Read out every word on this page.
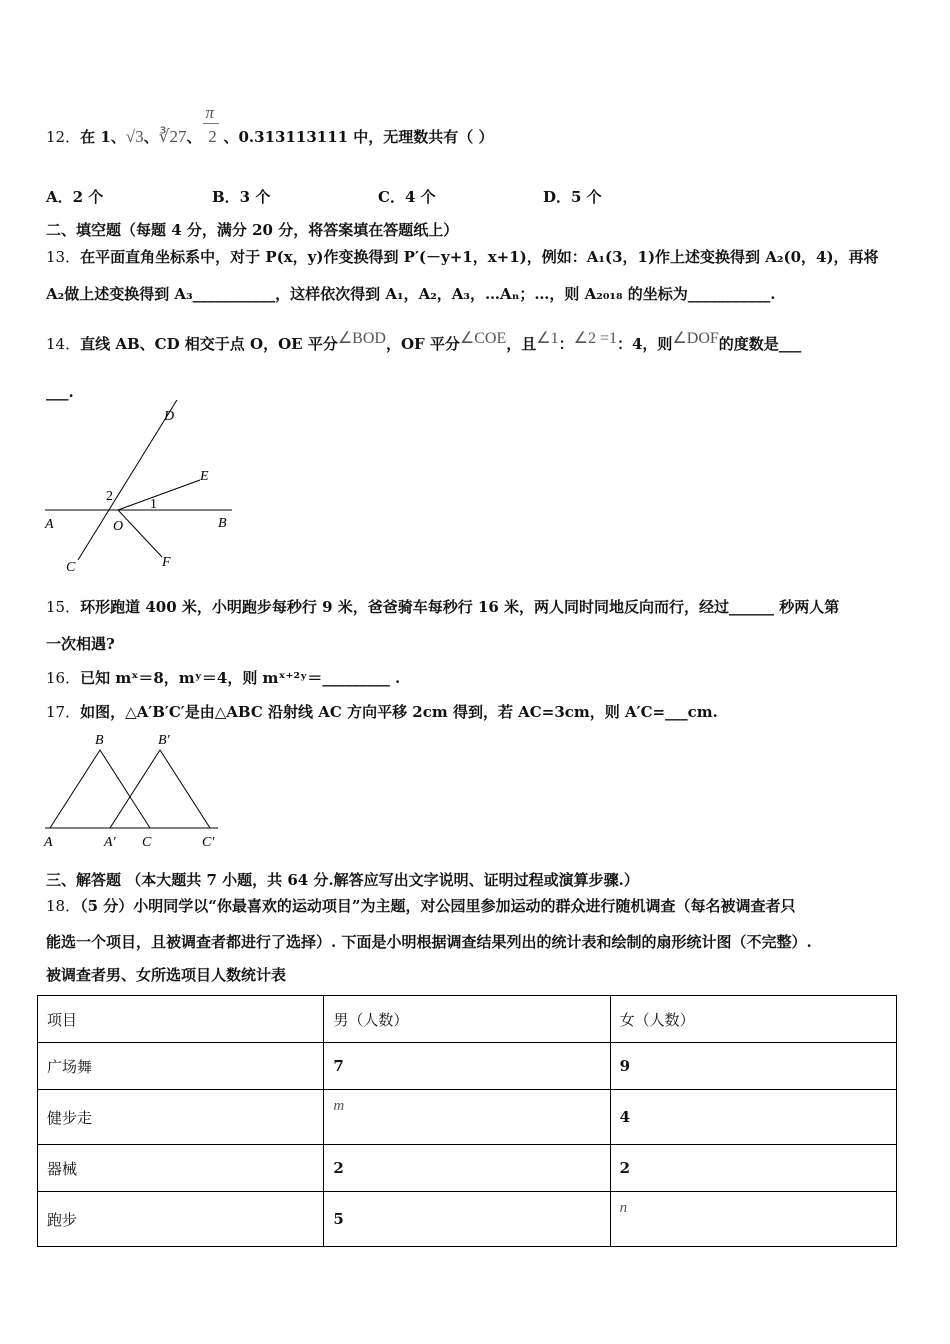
12．在 1、√3、∛27、 $\frac{\pi}{2}$、0.313113111 中，无理数共有（ ）
A．2 个	B．3 个	C．4 个	D．5 个
二、填空题（每题 4 分，满分 20 分，将答案填在答题纸上）
13．在平面直角坐标系中，对于 P(x，y)作变换得到 P′(－y+1，x+1)，例如：A₁(3，1)作上述变换得到 A₂(0，4)，再将
A₂做上述变换得到 A₃___________，这样依次得到 A₁，A₂，A₃，…Aₙ；…，则 A₂₀₁₈ 的坐标为___________.
14．直线 AB、CD 相交于点 O，OE 平分$^{\angle BOD}$，OF 平分$^{\angle COE}$，且$^{\angle 1}$：$^{\angle 2 =1}$：4，则$^{\angle DOF}$的度数是___
___.
D
E
2
1
A	O	B
C	F
15．环形跑道 400 米，小明跑步每秒行 9 米，爸爸骑车每秒行 16 米，两人同时同地反向而行，经过______ 秒两人第
一次相遇?
16．已知 mˣ＝8，mʸ＝4，则 mˣ⁺²ʸ＝_________ .
17．如图，△A′B′C′是由△ABC 沿射线 AC 方向平移 2cm 得到，若 AC=3cm，则 A′C=___cm.
B	B′
A	A′ C	C′
三、解答题 （本大题共 7 小题，共 64 分.解答应写出文字说明、证明过程或演算步骤.）
18．（5 分）小明同学以“你最喜欢的运动项目”为主题，对公园里参加运动的群众进行随机调查（每名被调查者只
能选一个项目，且被调查者都进行了选择）. 下面是小明根据调查结果列出的统计表和绘制的扇形统计图（不完整）.
被调查者男、女所选项目人数统计表
项目	男（人数）	女（人数）
广场舞	7	9
健步走	m	4
器械	2	2
跑步	5	n
